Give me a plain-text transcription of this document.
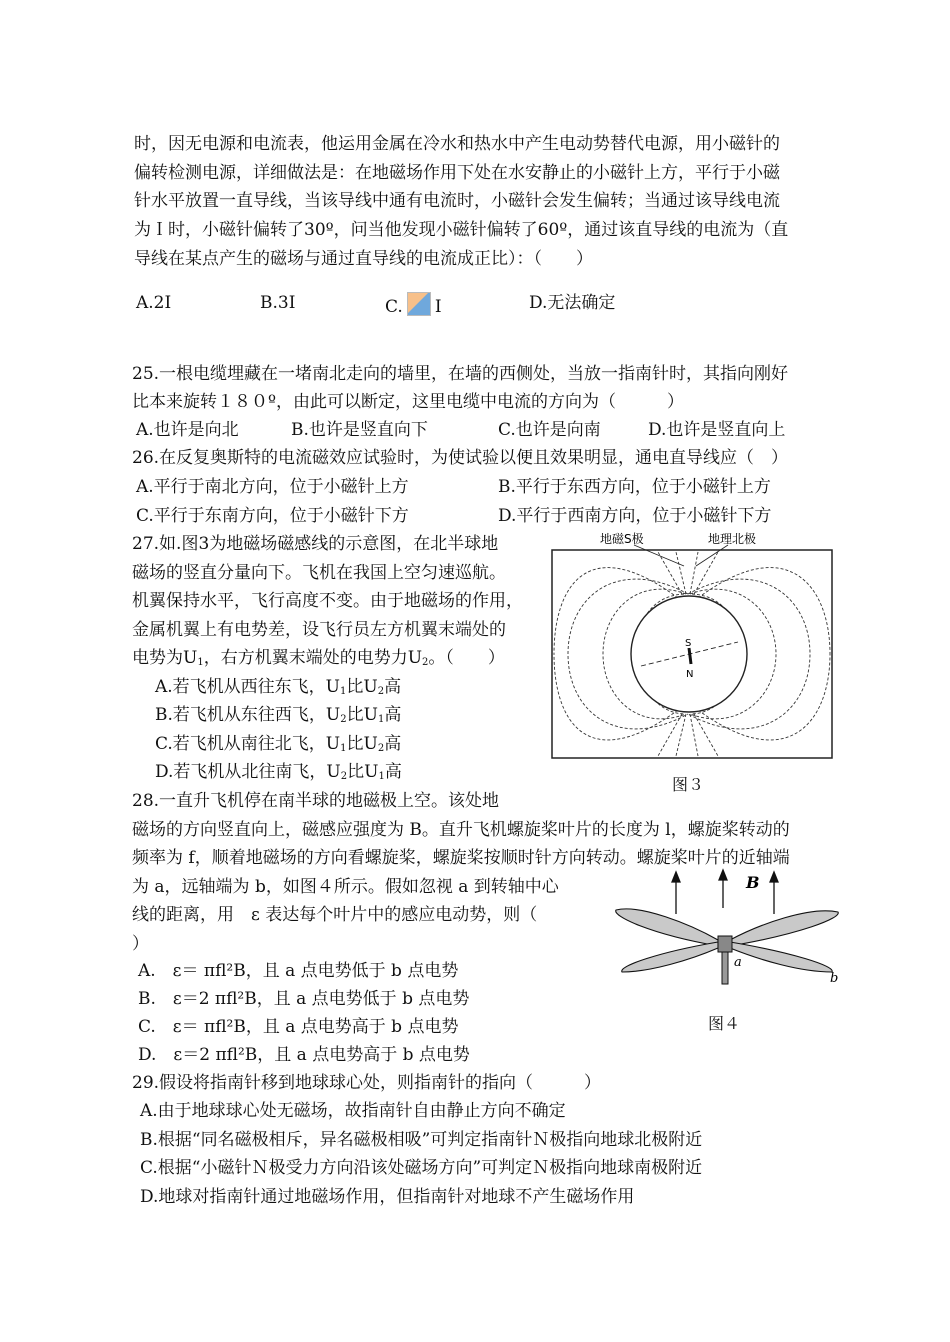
时，因无电源和电流表，他运用金属在冷水和热水中产生电动势替代电源，用小磁针的
偏转检测电源，详细做法是：在地磁场作用下处在水安静止的小磁针上方，平行于小磁
针水平放置一直导线，当该导线中通有电流时，小磁针会发生偏转；当通过该导线电流
为Ｉ时，小磁针偏转了30º，问当他发现小磁针偏转了60º，通过该直导线的电流为（直
导线在某点产生的磁场与通过直导线的电流成正比）：（　　）
A.2I	B.3I	C. I	D.无法确定
25.一根电缆埋藏在一堵南北走向的墙里，在墙的西侧处，当放一指南针时，其指向刚好
比本来旋转１８０º，由此可以断定，这里电缆中电流的方向为（　　　）
A.也许是向北	B.也许是竖直向下	C.也许是向南	D.也许是竖直向上
26.在反复奥斯特的电流磁效应试验时，为使试验以便且效果明显，通电直导线应（　）
A.平行于南北方向，位于小磁针上方	B.平行于东西方向，位于小磁针上方
C.平行于东南方向，位于小磁针下方	D.平行于西南方向，位于小磁针下方
27.如.图3为地磁场磁感线的示意图，在北半球地
磁场的竖直分量向下。飞机在我国上空匀速巡航。
机翼保持水平，飞行高度不变。由于地磁场的作用，
金属机翼上有电势差，设飞行员左方机翼末端处的
电势为$U_1$，右方机翼末端处的电势力$U_2$。（　　）
A.若飞机从西往东飞，$U_1$比$U_2$高
B.若飞机从东往西飞，$U_2$比$U_1$高
C.若飞机从南往北飞，$U_1$比$U_2$高
D.若飞机从北往南飞，$U_2$比$U_1$高
地磁S极	地理北极
S
N
图３
28.一直升飞机停在南半球的地磁极上空。该处地
磁场的方向竖直向上，磁感应强度为 B。直升飞机螺旋桨叶片的长度为 l，螺旋桨转动的
频率为 f，顺着地磁场的方向看螺旋桨，螺旋桨按顺时针方向转动。螺旋桨叶片的近轴端
为 a，远轴端为 b，如图４所示。假如忽视 a 到转轴中心
线的距离，用　ε 表达每个叶片中的感应电动势，则（
）
A.　ε＝ πfl²B，且 a 点电势低于 b 点电势
B.　ε＝2 πfl²B，且 a 点电势低于 b 点电势
C.　ε＝ πfl²B，且 a 点电势高于 b 点电势
D.　ε＝2 πfl²B，且 a 点电势高于 b 点电势
B
a
b
图４
29.假设将指南针移到地球球心处，则指南针的指向（　　　）
A.由于地球球心处无磁场，故指南针自由静止方向不确定
B.根据“同名磁极相斥，异名磁极相吸”可判定指南针Ｎ极指向地球北极附近
C.根据“小磁针Ｎ极受力方向沿该处磁场方向”可判定Ｎ极指向地球南极附近
D.地球对指南针通过地磁场作用，但指南针对地球不产生磁场作用
